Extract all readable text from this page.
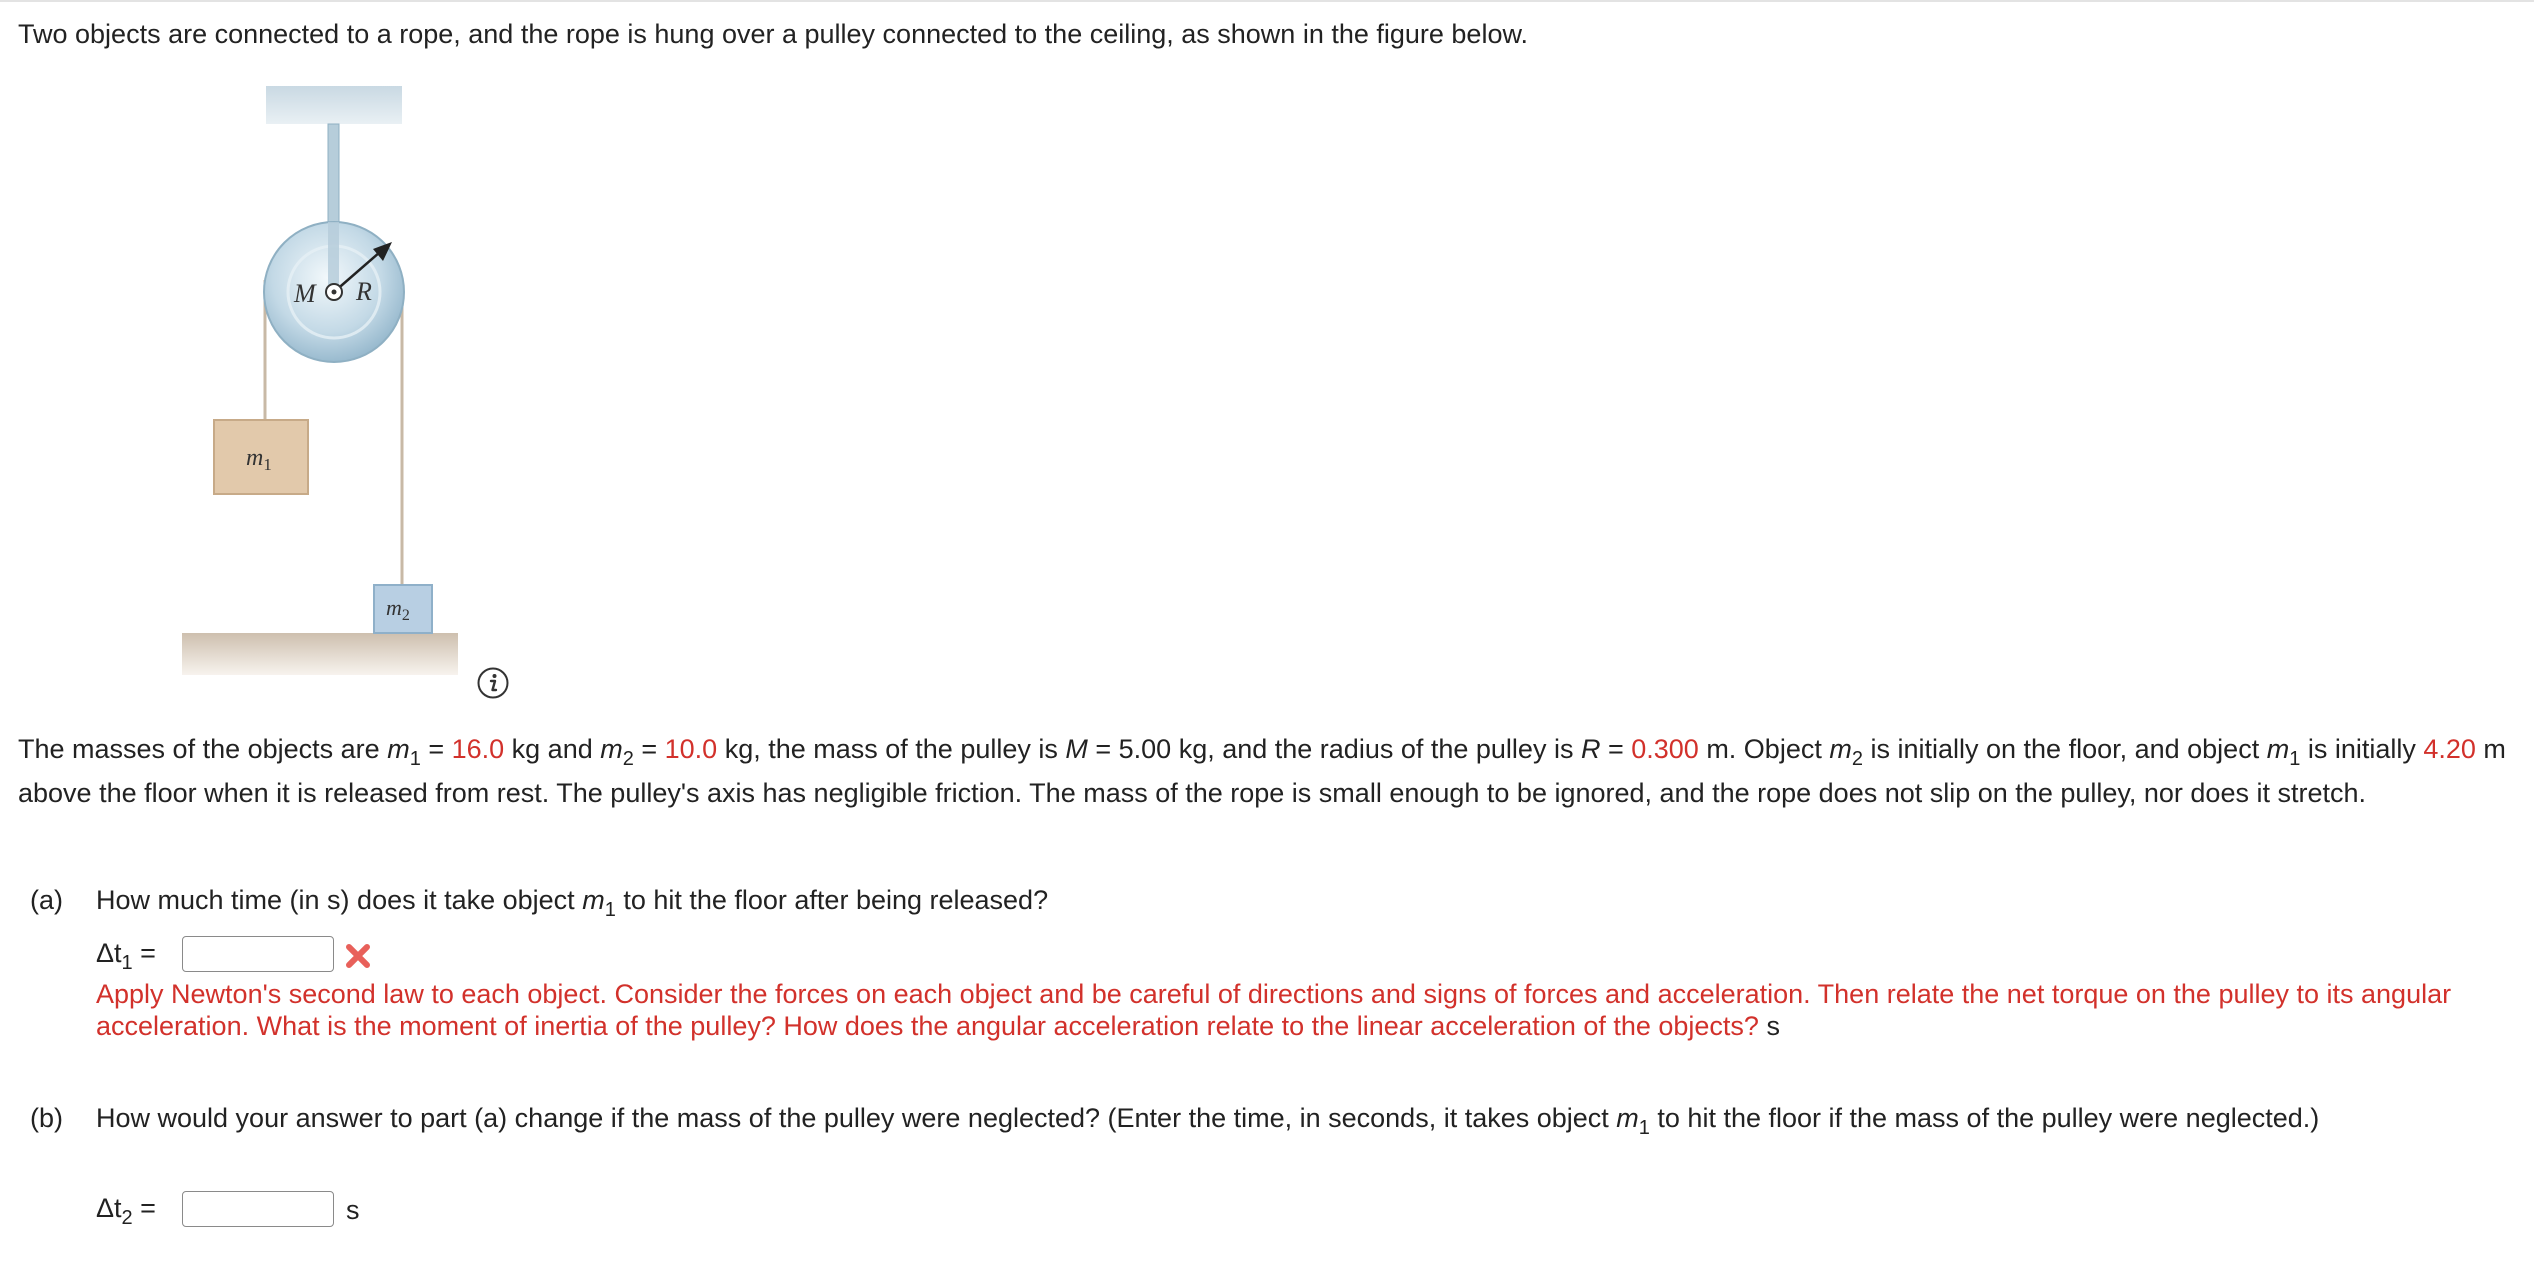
Two objects are connected to a rope, and the rope is hung over a pulley connected to the ceiling, as shown in the figure below.
M R
$m_1$
$m_2$
The masses of the objects are $m_1 = 16.0$ kg and $m_2 = 10.0$ kg, the mass of the pulley is M = 5.00 kg, and the radius of the pulley is R = 0.300 m. Object $m_2$ is initially on the floor, and object $m_1$ is initially 4.20 m above the floor when it is released from rest. The pulley's axis has negligible friction. The mass of the rope is small enough to be ignored, and the rope does not slip on the pulley, nor does it stretch.
(a) How much time (in s) does it take object $m_1$ to hit the floor after being released?
$\Delta t_1$ =
Apply Newton's second law to each object. Consider the forces on each object and be careful of directions and signs of forces and acceleration. Then relate the net torque on the pulley to its angular acceleration. What is the moment of inertia of the pulley? How does the angular acceleration relate to the linear acceleration of the objects? s
(b) How would your answer to part (a) change if the mass of the pulley were neglected? (Enter the time, in seconds, it takes object $m_1$ to hit the floor if the mass of the pulley were neglected.)
$\Delta t_2$ =	s
